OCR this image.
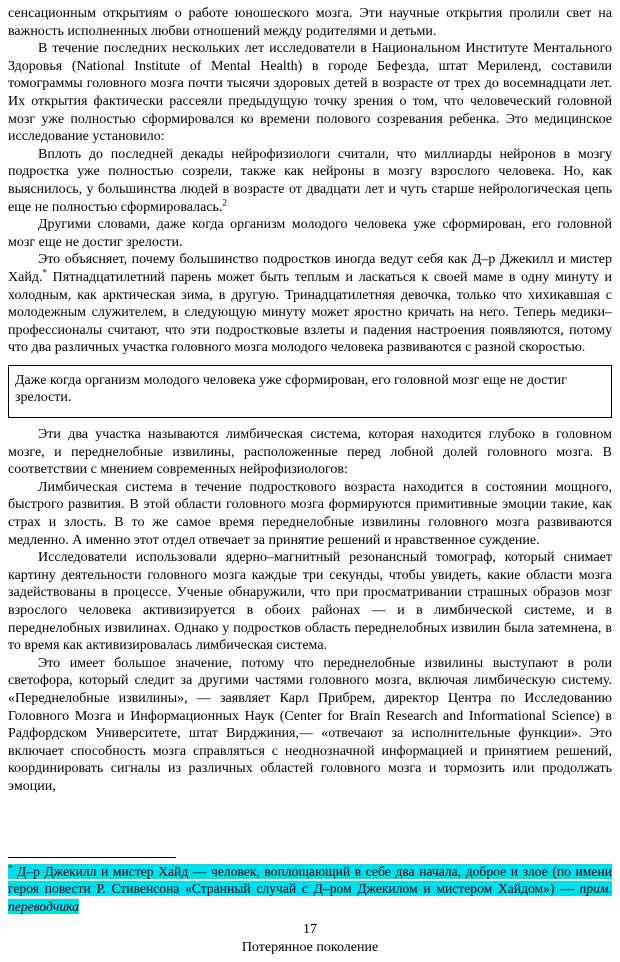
сенсационным открытиям о работе юношеского мозга. Эти научные открытия пролили свет на важность исполненных любви отношений между родителями и детьми.

В течение последних нескольких лет исследователи в Национальном Институте Ментального Здоровья (National Institute of Mental Health) в городе Бефезда, штат Мериленд, составили томограммы головного мозга почти тысячи здоровых детей в возрасте от трех до восемнадцати лет. Их открытия фактически рассеяли предыдущую точку зрения о том, что человеческий головной мозг уже полностью сформировался ко времени полового созревания ребенка. Это медицинское исследование установило:

Вплоть до последней декады нейрофизиологи считали, что миллиарды нейронов в мозгу подростка уже полностью созрели, также как нейроны в мозгу взрослого человека. Но, как выяснилось, у большинства людей в возрасте от двадцати лет и чуть старше нейрологическая цепь еще не полностью сформировалась.$^2$

Другими словами, даже когда организм молодого человека уже сформирован, его головной мозг еще не достиг зрелости.

Это объясняет, почему большинство подростков иногда ведут себя как Д–р Джекилл и мистер Хайд.* Пятнадцатилетний парень может быть теплым и ласкаться к своей маме в одну минуту и холодным, как арктическая зима, в другую. Тринадцатилетняя девочка, только что хихикавшая с молодежным служителем, в следующую минуту может яростно кричать на него. Теперь медики–профессионалы считают, что эти подростковые взлеты и падения настроения появляются, потому что два различных участка головного мозга молодого человека развиваются с разной скоростью.

Даже когда организм молодого человека уже сформирован, его головной мозг еще не достиг зрелости.

Эти два участка называются лимбическая система, которая находится глубоко в головном мозге, и переднелобные извилины, расположенные перед лобной долей головного мозга. В соответствии с мнением современных нейрофизиологов:

Лимбическая система в течение подросткового возраста находится в состоянии мощного, быстрого развития. В этой области головного мозга формируются примитивные эмоции такие, как страх и злость. В то же самое время переднелобные извилины головного мозга развиваются медленно. А именно этот отдел отвечает за принятие решений и нравственное суждение.

Исследователи использовали ядерно–магнитный резонансный томограф, который снимает картину деятельности головного мозга каждые три секунды, чтобы увидеть, какие области мозга задействованы в процессе. Ученые обнаружили, что при просматривании страшных образов мозг взрослого человека активизируется в обоих районах — и в лимбической системе, и в переднелобных извилинах. Однако у подростков область переднелобных извилин была затемнена, в то время как активизировалась лимбическая система.

Это имеет большое значение, потому что переднелобные извилины выступают в роли светофора, который следит за другими частями головного мозга, включая лимбическую систему. «Переднелобные извилины», — заявляет Карл Прибрем, директор Центра по Исследованию Головного Мозга и Информационных Наук (Center for Brain Research and Informational Science) в Радфордском Университете, штат Вирджиния,— «отвечают за исполнительные функции». Это включает способность мозга справляться с неоднозначной информацией и принятием решений, координировать сигналы из различных областей головного мозга и тормозить или продолжать эмоции,

* Д–р Джекилл и мистер Хайд — человек, воплощающий в себе два начала, доброе и злое (по имени героя повести Р. Стивенсона «Странный случай с Д–ром Джекилом и мистером Хайдом») — прим. переводчика
17
Потерянное поколение
